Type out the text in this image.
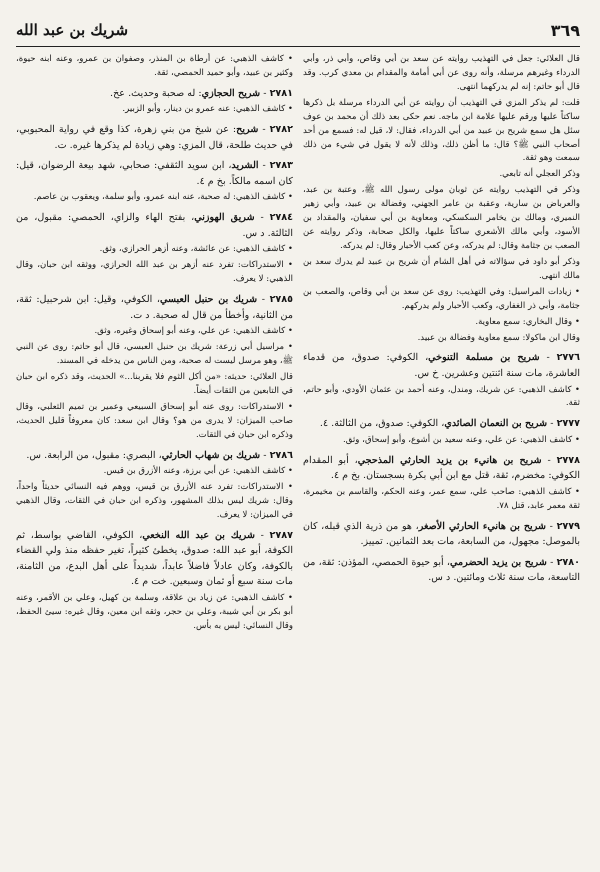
٣٦٩
شريك بن عبد الله

قال العلائي: جعل في التهذيب روايته عن سعد بن أبي وقاص، وأبي ذر، وأبي الدرداء وغيرهم مرسلة، وأنه روى عن أبي أمامة والمقدام بن معدي كرب. وقد قال أبو حاتم: إنه لم يدركهما انتهى.

قلت: لم يذكر المزي في التهذيب أن روايته عن أبي الدرداء مرسلة بل ذكرها ساكتاً عليها ورقم عليها علامة ابن ماجه. نعم حكى بعد ذلك أن محمد بن عوف سئل هل سمع شريح بن عبيد من أبي الدرداء، فقال: لا، قيل له: فسمع من أحد أصحاب النبي ﷺ؟ قال: ما أظن ذلك، وذلك لأنه لا يقول في شيء من ذلك سمعت وهو ثقة.

وذكر العجلي أنه تابعي.

وذكر في التهذيب روايته عن ثوبان مولى رسول الله ﷺ، وعتبة بن عبد، والعرباض بن سارية، وعقبة بن عامر الجهني، وفضالة بن عبيد، وأبي زهير النميري، ومالك بن يخامر السكسكي، ومعاوية بن أبي سفيان، والمقداد بن الأسود، وأبي مالك الأشعري ساكتاً عليها، والكل صحابة، وذكر روايته عن الصعب بن جثامة وقال: لم يدركه، وعن كعب الأحبار وقال: لم يدركه.

وذكر أبو داود في سؤالاته في أهل الشام أن شريح بن عبيد لم يدرك سعد بن مالك انتهى.

• زيادات المراسيل: وفي التهذيب: روى عن سعد بن أبي وقاص، والصعب بن جثامة، وأبي ذر الغفاري، وكعب الأحبار ولم يدركهم.

• وقال البخاري: سمع معاوية.

وقال ابن ماكولا: سمع معاوية وفضالة بن عبيد.

٢٧٧٦ - شريح بن مسلمة التنوخي، الكوفي: صدوق، من قدماء العاشرة، مات سنة اثنتين وعشرين. خ س.

• كاشف الذهبي: عن شريك، ومندل، وعنه أحمد بن عثمان الأودي، وأبو حاتم، ثقة.

٢٧٧٧ - شريح بن النعمان الصائدي، الكوفي: صدوق، من الثالثة. ٤.

• كاشف الذهبي: عن علي، وعنه سعيد بن أشوع، وأبو إسحاق، وثق.

٢٧٧٨ - شريح بن هانيء بن يزيد الحارثي المذحجي، أبو المقدام الكوفي: مخضرم، ثقة، قتل مع ابن أبي بكرة بسجستان. بخ م ٤.

• كاشف الذهبي: صاحب علي، سمع عمر، وعنه الحكم، والقاسم بن مخيمرة، ثقة معمر عابد، قتل ٧٨.

٢٧٧٩ - شريح بن هانيء الحارثي الأصغر، هو من ذرية الذي قبله، كان بالموصل: مجهول، من السابعة، مات بعد الثمانين. تمييز.

٢٧٨٠ - شريح بن يزيد الحضرمي، أبو حيوة الحمصي، المؤذن: ثقة، من التاسعة، مات سنة ثلاث ومائتين. د س.

• كاشف الذهبي: عن أرطاة بن المنذر، وصفوان بن عمرو، وعنه ابنه حيوة، وكثير بن عبيد، وأبو حميد الحمصي، ثقة.

٢٧٨١ - شريح الحجازي: له صحبة وحديث. عخ.

• كاشف الذهبي: عنه عمرو بن دينار، وأبو الزبير.

٢٧٨٢ - شريح: عن شيخ من بني زهرة، كذا وقع في رواية المحبوبي، في حديث طلحة، قال المزي: وهي زيادة لم يذكرها غيره. ت.

٢٧٨٣ - الشريد، ابن سويد الثقفي: صحابي، شهد بيعة الرضوان، قيل: كان اسمه مالكاً. بخ م ٤.

• كاشف الذهبي: له صحبة، عنه ابنه عمرو، وأبو سلمة، ويعقوب بن عاصم.

٢٧٨٤ - شريق الهوزني، بفتح الهاء والزاي، الحمصي: مقبول، من الثالثة. د س.

• كاشف الذهبي: عن عائشة، وعنه أزهر الحرازي، وثق.

• الاستدراكات: تفرد عنه أزهر بن عبد الله الحرازي، ووثقه ابن حبان، وقال الذهبي: لا يعرف.

٢٧٨٥ - شريك بن حنبل العبسي، الكوفي، وقيل: ابن شرحبيل: ثقة، من الثانية، وأخطأ من قال له صحبة. د ت.

• كاشف الذهبي: عن علي، وعنه أبو إسحاق وغيره، وثق.

• مراسيل أبي زرعة: شريك بن حنبل العبسي، قال أبو حاتم: روى عن النبي ﷺ، وهو مرسل ليست له صحبة، ومن الناس من يدخله في المسند.

قال العلائي: حديثه: «من أكل الثوم فلا يقربنا...» الحديث، وقد ذكره ابن حبان في التابعين من الثقات أيضاً.

• الاستدراكات: روى عنه أبو إسحاق السبيعي وعمير بن تميم الثعلبي، وقال صاحب الميزان: لا يدرى من هو؟ وقال ابن سعد: كان معروفاً قليل الحديث، وذكره ابن حبان في الثقات.

٢٧٨٦ - شريك بن شهاب الحارثي، البصري: مقبول، من الرابعة. س.

• كاشف الذهبي: عن أبي برزة، وعنه الأزرق بن قيس.

• الاستدراكات: تفرد عنه الأزرق بن قيس، ووهم فيه النسائي حديثاً واحداً، وقال: شريك ليس بذلك المشهور، وذكره ابن حبان في الثقات، وقال الذهبي في الميزان: لا يعرف.

٢٧٨٧ - شريك بن عبد الله النخعي، الكوفي، القاضي بواسط، ثم الكوفة، أبو عبد الله: صدوق، يخطئ كثيراً، تغير حفظه منذ ولي القضاء بالكوفة، وكان عادلاً فاضلاً عابداً، شديداً على أهل البدع، من الثامنة، مات سنة سبع أو ثمان وسبعين. خت م ٤.

• كاشف الذهبي: عن زياد بن علاقة، وسلمة بن كهيل، وعلي بن الأقمر، وعنه أبو بكر بن أبي شيبة، وعلي بن حجر، وثقه ابن معين، وقال غيره: سيئ الحفظ، وقال النسائي: ليس به بأس.
